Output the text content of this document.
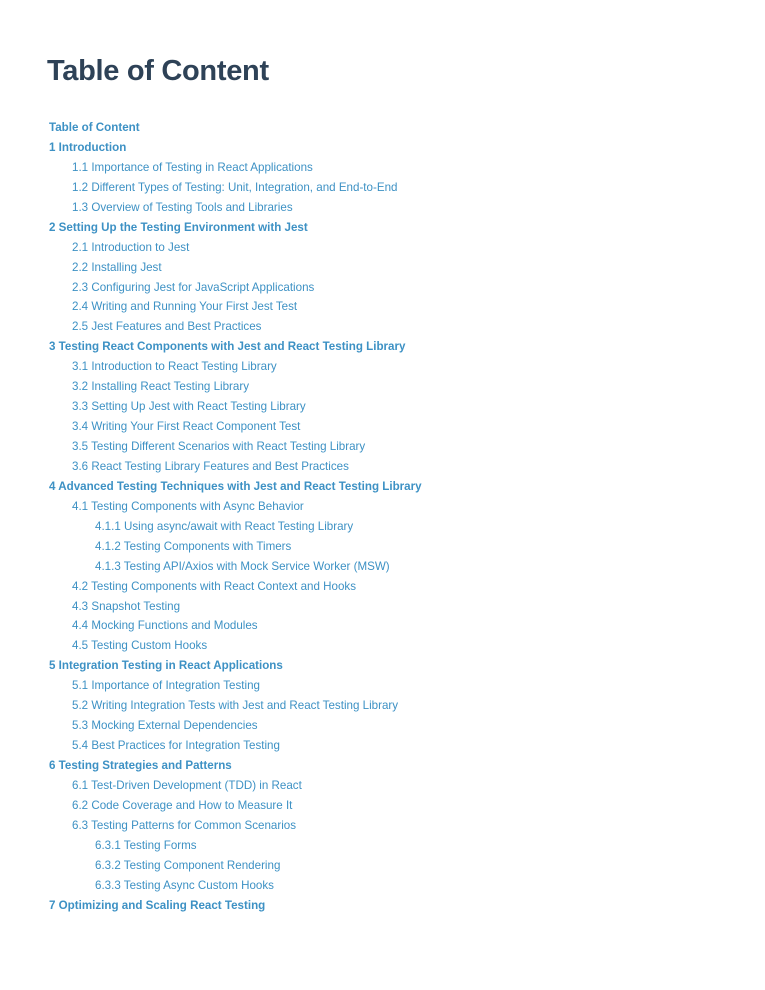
Table of Content
Table of Content
1 Introduction
1.1 Importance of Testing in React Applications
1.2 Different Types of Testing: Unit, Integration, and End-to-End
1.3 Overview of Testing Tools and Libraries
2 Setting Up the Testing Environment with Jest
2.1 Introduction to Jest
2.2 Installing Jest
2.3 Configuring Jest for JavaScript Applications
2.4 Writing and Running Your First Jest Test
2.5 Jest Features and Best Practices
3 Testing React Components with Jest and React Testing Library
3.1 Introduction to React Testing Library
3.2 Installing React Testing Library
3.3 Setting Up Jest with React Testing Library
3.4 Writing Your First React Component Test
3.5 Testing Different Scenarios with React Testing Library
3.6 React Testing Library Features and Best Practices
4 Advanced Testing Techniques with Jest and React Testing Library
4.1 Testing Components with Async Behavior
4.1.1 Using async/await with React Testing Library
4.1.2 Testing Components with Timers
4.1.3 Testing API/Axios with Mock Service Worker (MSW)
4.2 Testing Components with React Context and Hooks
4.3 Snapshot Testing
4.4 Mocking Functions and Modules
4.5 Testing Custom Hooks
5 Integration Testing in React Applications
5.1 Importance of Integration Testing
5.2 Writing Integration Tests with Jest and React Testing Library
5.3 Mocking External Dependencies
5.4 Best Practices for Integration Testing
6 Testing Strategies and Patterns
6.1 Test-Driven Development (TDD) in React
6.2 Code Coverage and How to Measure It
6.3 Testing Patterns for Common Scenarios
6.3.1 Testing Forms
6.3.2 Testing Component Rendering
6.3.3 Testing Async Custom Hooks
7 Optimizing and Scaling React Testing
